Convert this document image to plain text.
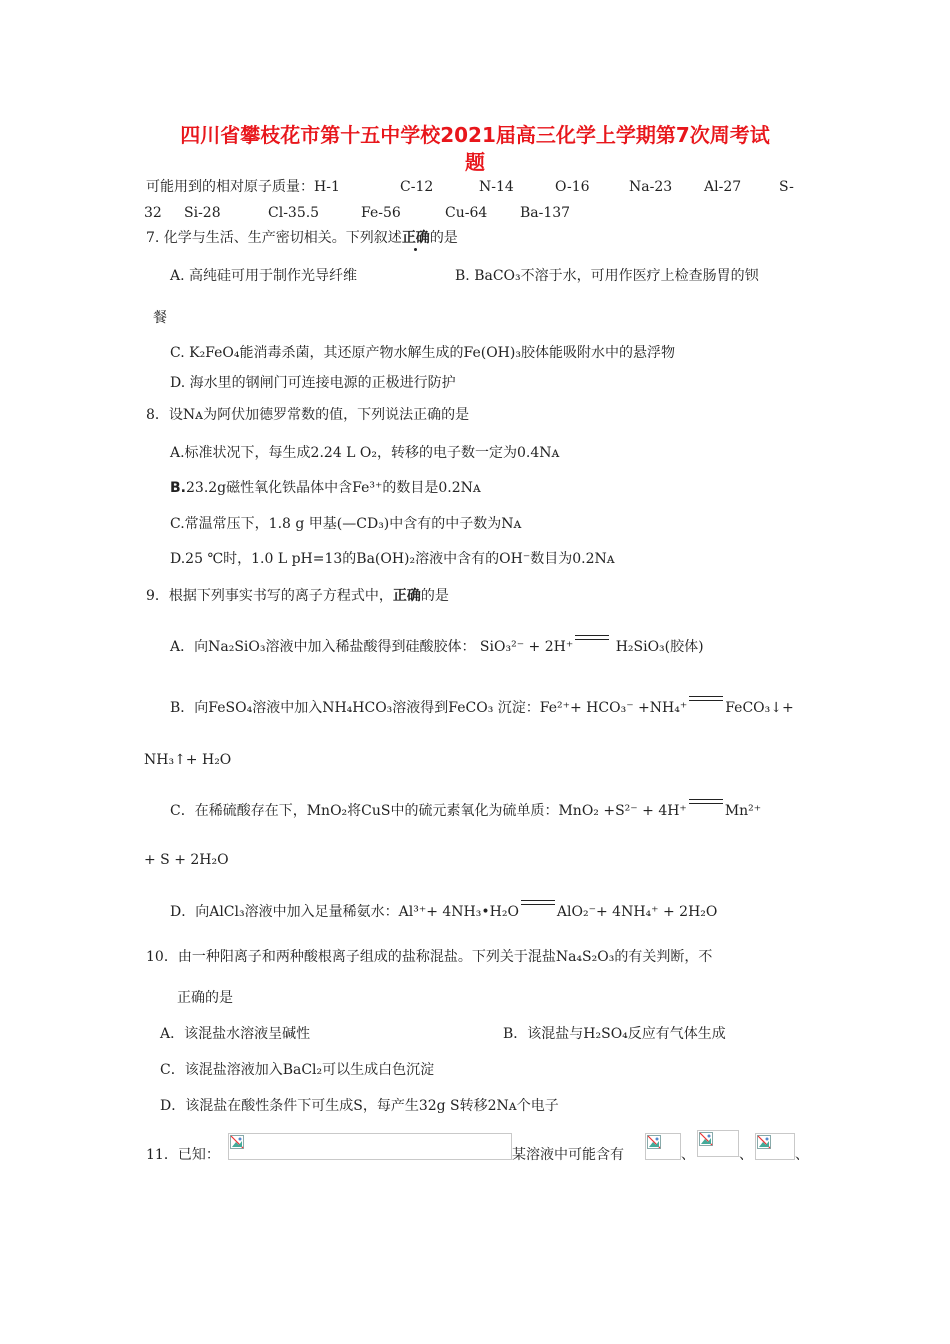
四川省攀枝花市第十五中学校2021届高三化学上学期第7次周考试
题
可能用到的相对原子质量：H-1	C-12	N-14	O-16	Na-23 Al-27	S-
32 Si-28	Cl-35.5	Fe-56	Cu-64 Ba-137
7. 化学与生活、生产密切相关。下列叙述正确的是
A. 高纯硅可用于制作光导纤维	B. BaCO₃不溶于水，可用作医疗上检查肠胃的钡
餐
C. K₂FeO₄能消毒杀菌，其还原产物水解生成的Fe(OH)₃胶体能吸附水中的悬浮物
D. 海水里的钢闸门可连接电源的正极进行防护
8．设Nᴀ为阿伏加德罗常数的值，下列说法正确的是
A.标准状况下，每生成2.24 L O₂，转移的电子数一定为0.4Nᴀ
B.23.2g磁性氧化铁晶体中含Fe³⁺的数目是0.2Nᴀ
C.常温常压下，1.8 g 甲基(—CD₃)中含有的中子数为Nᴀ
D.25 ℃时，1.0 L pH=13的Ba(OH)₂溶液中含有的OH⁻数目为0.2Nᴀ
9．根据下列事实书写的离子方程式中，正确的是
A．向Na₂SiO₃溶液中加入稀盐酸得到硅酸胶体： SiO₃²⁻ + 2H⁺	H₂SiO₃(胶体)
B．向FeSO₄溶液中加入NH₄HCO₃溶液得到FeCO₃ 沉淀：Fe²⁺+ HCO₃⁻ +NH₄⁺	FeCO₃↓+
NH₃↑+ H₂O
C．在稀硫酸存在下，MnO₂将CuS中的硫元素氧化为硫单质：MnO₂ +S²⁻ + 4H⁺	Mn²⁺
+ S + 2H₂O
D．向AlCl₃溶液中加入足量稀氨水：Al³⁺+ 4NH₃•H₂O	AlO₂⁻+ 4NH₄⁺ + 2H₂O
10．由一种阳离子和两种酸根离子组成的盐称混盐。下列关于混盐Na₄S₂O₃的有关判断，不
正确的是
A．该混盐水溶液呈碱性	B．该混盐与H₂SO₄反应有气体生成
C．该混盐溶液加入BaCl₂可以生成白色沉淀
D．该混盐在酸性条件下可生成S，每产生32g S转移2Nᴀ个电子
11．已知：	某溶液中可能含有	、	、	、
